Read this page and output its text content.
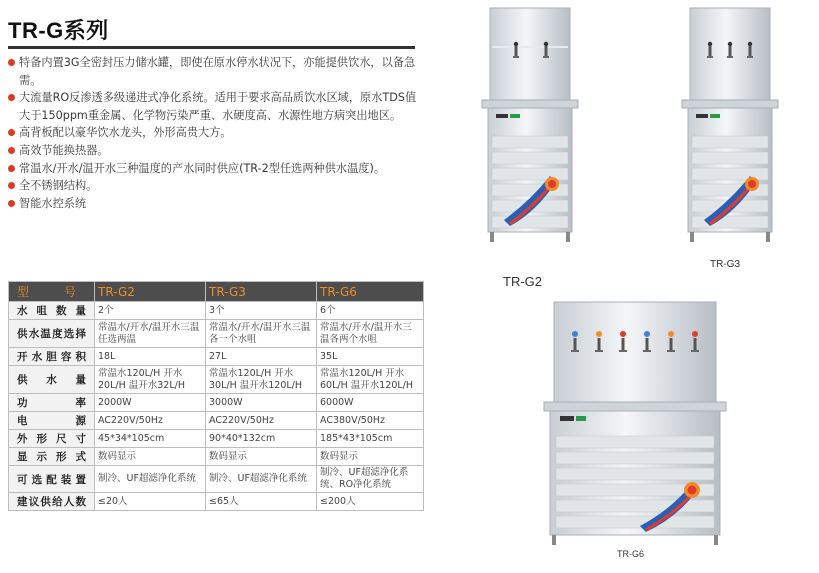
TR-G系列
特备内置3G全密封压力储水罐，即使在原水停水状况下，亦能提供饮水，以备急需。
大流量RO反渗透多级递进式净化系统。适用于要求高品质饮水区域，原水TDS值大于150ppm重金属、化学物污染严重、水硬度高、水源性地方病突出地区。
高背板配以豪华饮水龙头，外形高贵大方。
高效节能换热器。
常温水/开水/温开水三种温度的产水同时供应(TR-2型任选两种供水温度)。
全不锈钢结构。
智能水控系统
型　　号	TR-G2	TR-G3	TR-G6
水咀数量	2个	3个	6个
供水温度选择	常温水/开水/温开水三温任选两温	常温水/开水/温开水三温各一个水咀	常温水/开水/温开水三温各两个水咀
开水胆容积	18L	27L	35L
供水量	常温水120L/H 开水20L/H 温开水32L/H	常温水120L/H 开水30L/H 温开水120L/H	常温水120L/H 开水60L/H 温开水120L/H
功率	2000W	3000W	6000W
电源	AC220V/50Hz	AC220V/50Hz	AC380V/50Hz
外形尺寸	45*34*105cm	90*40*132cm	185*43*105cm
显示形式	数码显示	数码显示	数码显示
可选配装置	制冷、UF超滤净化系统	制冷、UF超滤净化系统	制冷、UF超滤净化系统、RO净化系统
建议供给人数	≤20人	≤65人	≤200人
TR-G2
TR-G3
TR-G6
